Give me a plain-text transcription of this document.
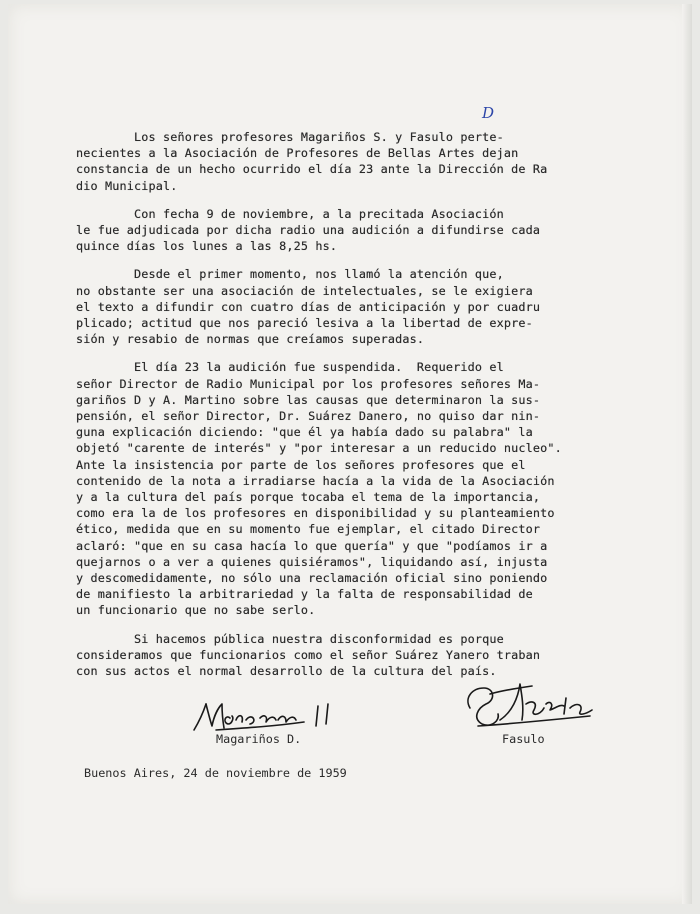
D

Los señores profesores Magariños S. y Fasulo perte-
necientes a la Asociación de Profesores de Bellas Artes dejan
constancia de un hecho ocurrido el día 23 ante la Dirección de Ra
dio Municipal.

Con fecha 9 de noviembre, a la precitada Asociación
le fue adjudicada por dicha radio una audición a difundirse cada
quince días los lunes a las 8,25 hs.

Desde el primer momento, nos llamó la atención que,
no obstante ser una asociación de intelectuales, se le exigiera
el texto a difundir con cuatro días de anticipación y por cuadru
plicado; actitud que nos pareció lesiva a la libertad de expre-
sión y resabio de normas que creíamos superadas.

El día 23 la audición fue suspendida.  Requerido el
señor Director de Radio Municipal por los profesores señores Ma-
gariños D y A. Martino sobre las causas que determinaron la sus-
pensión, el señor Director, Dr. Suárez Danero, no quiso dar nin-
guna explicación diciendo: "que él ya había dado su palabra" la
objetó "carente de interés" y "por interesar a un reducido nucleo".
Ante la insistencia por parte de los señores profesores que el
contenido de la nota a irradiarse hacía a la vida de la Asociación
y a la cultura del país porque tocaba el tema de la importancia,
como era la de los profesores en disponibilidad y su planteamiento
ético, medida que en su momento fue ejemplar, el citado Director
aclaró: "que en su casa hacía lo que quería" y que "podíamos ir a
quejarnos o a ver a quienes quisiéramos", liquidando así, injusta
y descomedidamente, no sólo una reclamación oficial sino poniendo
de manifiesto la arbitrariedad y la falta de responsabilidad de
un funcionario que no sabe serlo.

Si hacemos pública nuestra disconformidad es porque
consideramos que funcionarios como el señor Suárez Yanero traban
con sus actos el normal desarrollo de la cultura del país.

Magariños D.	Fasulo
Buenos Aires, 24 de noviembre de 1959
